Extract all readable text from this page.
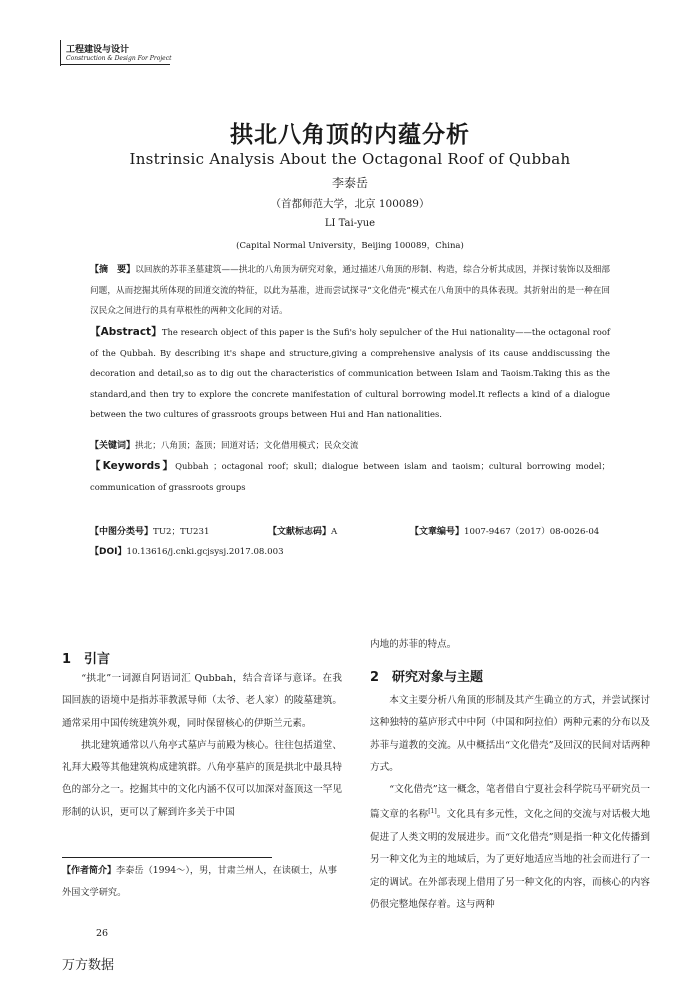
工程建设与设计
Construction & Design For Project
拱北八角顶的内蕴分析
Instrinsic Analysis About the Octagonal Roof of Qubbah
李泰岳
（首都师范大学，北京 100089）
LI Tai-yue
(Capital Normal University，Beijing 100089，China)
【摘　要】以回族的苏菲圣墓建筑——拱北的八角顶为研究对象，通过描述八角顶的形制、构造，综合分析其成因，并探讨装饰以及细部问题，从而挖掘其所体现的回道交流的特征，以此为基准，进而尝试探寻“文化借壳”模式在八角顶中的具体表现。其折射出的是一种在回汉民众之间进行的具有草根性的两种文化间的对话。
【Abstract】The research object of this paper is the Sufi's holy sepulcher of the Hui nationality——the octagonal roof of the Qubbah. By describing it's shape and structure,giving a comprehensive analysis of its cause anddiscussing the decoration and detail,so as to dig out the characteristics of communication between Islam and Taoism.Taking this as the standard,and then try to explore the concrete manifestation of cultural borrowing model.It reflects a kind of a dialogue between the two cultures of grassroots groups between Hui and Han nationalities.
【关键词】拱北；八角顶；盔顶；回道对话；文化借用模式；民众交流
【Keywords】Qubbah ；octagonal roof；skull；dialogue between islam and taoism；cultural borrowing model；communication of grassroots groups
【中图分类号】TU2；TU231	【文献标志码】A	【文章编号】1007-9467（2017）08-0026-04
【DOI】10.13616/j.cnki.gcjsysj.2017.08.003
1　引言

“拱北”一词源自阿语词汇 Qubbah，结合音译与意译。在我国回族的语境中是指苏菲教派导师（太爷、老人家）的陵墓建筑。通常采用中国传统建筑外观，同时保留核心的伊斯兰元素。

拱北建筑通常以八角亭式墓庐与前殿为核心。往往包括道堂、礼拜大殿等其他建筑构成建筑群。八角亭墓庐的顶是拱北中最具特色的部分之一。挖掘其中的文化内涵不仅可以加深对盔顶这一罕见形制的认识，更可以了解到许多关于中国

【作者简介】李泰岳（1994～），男，甘肃兰州人，在读硕士，从事外国文学研究。

内地的苏菲的特点。

2　研究对象与主题

本文主要分析八角顶的形制及其产生确立的方式，并尝试探讨这种独特的墓庐形式中中阿（中国和阿拉伯）两种元素的分布以及苏菲与道教的交流。从中概括出“文化借壳”及回汉的民间对话两种方式。

“文化借壳”这一概念，笔者借自宁夏社会科学院马平研究员一篇文章的名称[1]。文化具有多元性，文化之间的交流与对话极大地促进了人类文明的发展进步。而“文化借壳”则是指一种文化传播到另一种文化为主的地域后，为了更好地适应当地的社会而进行了一定的调试。在外部表现上借用了另一种文化的内容，而核心的内容仍很完整地保存着。这与两种

26
万方数据
